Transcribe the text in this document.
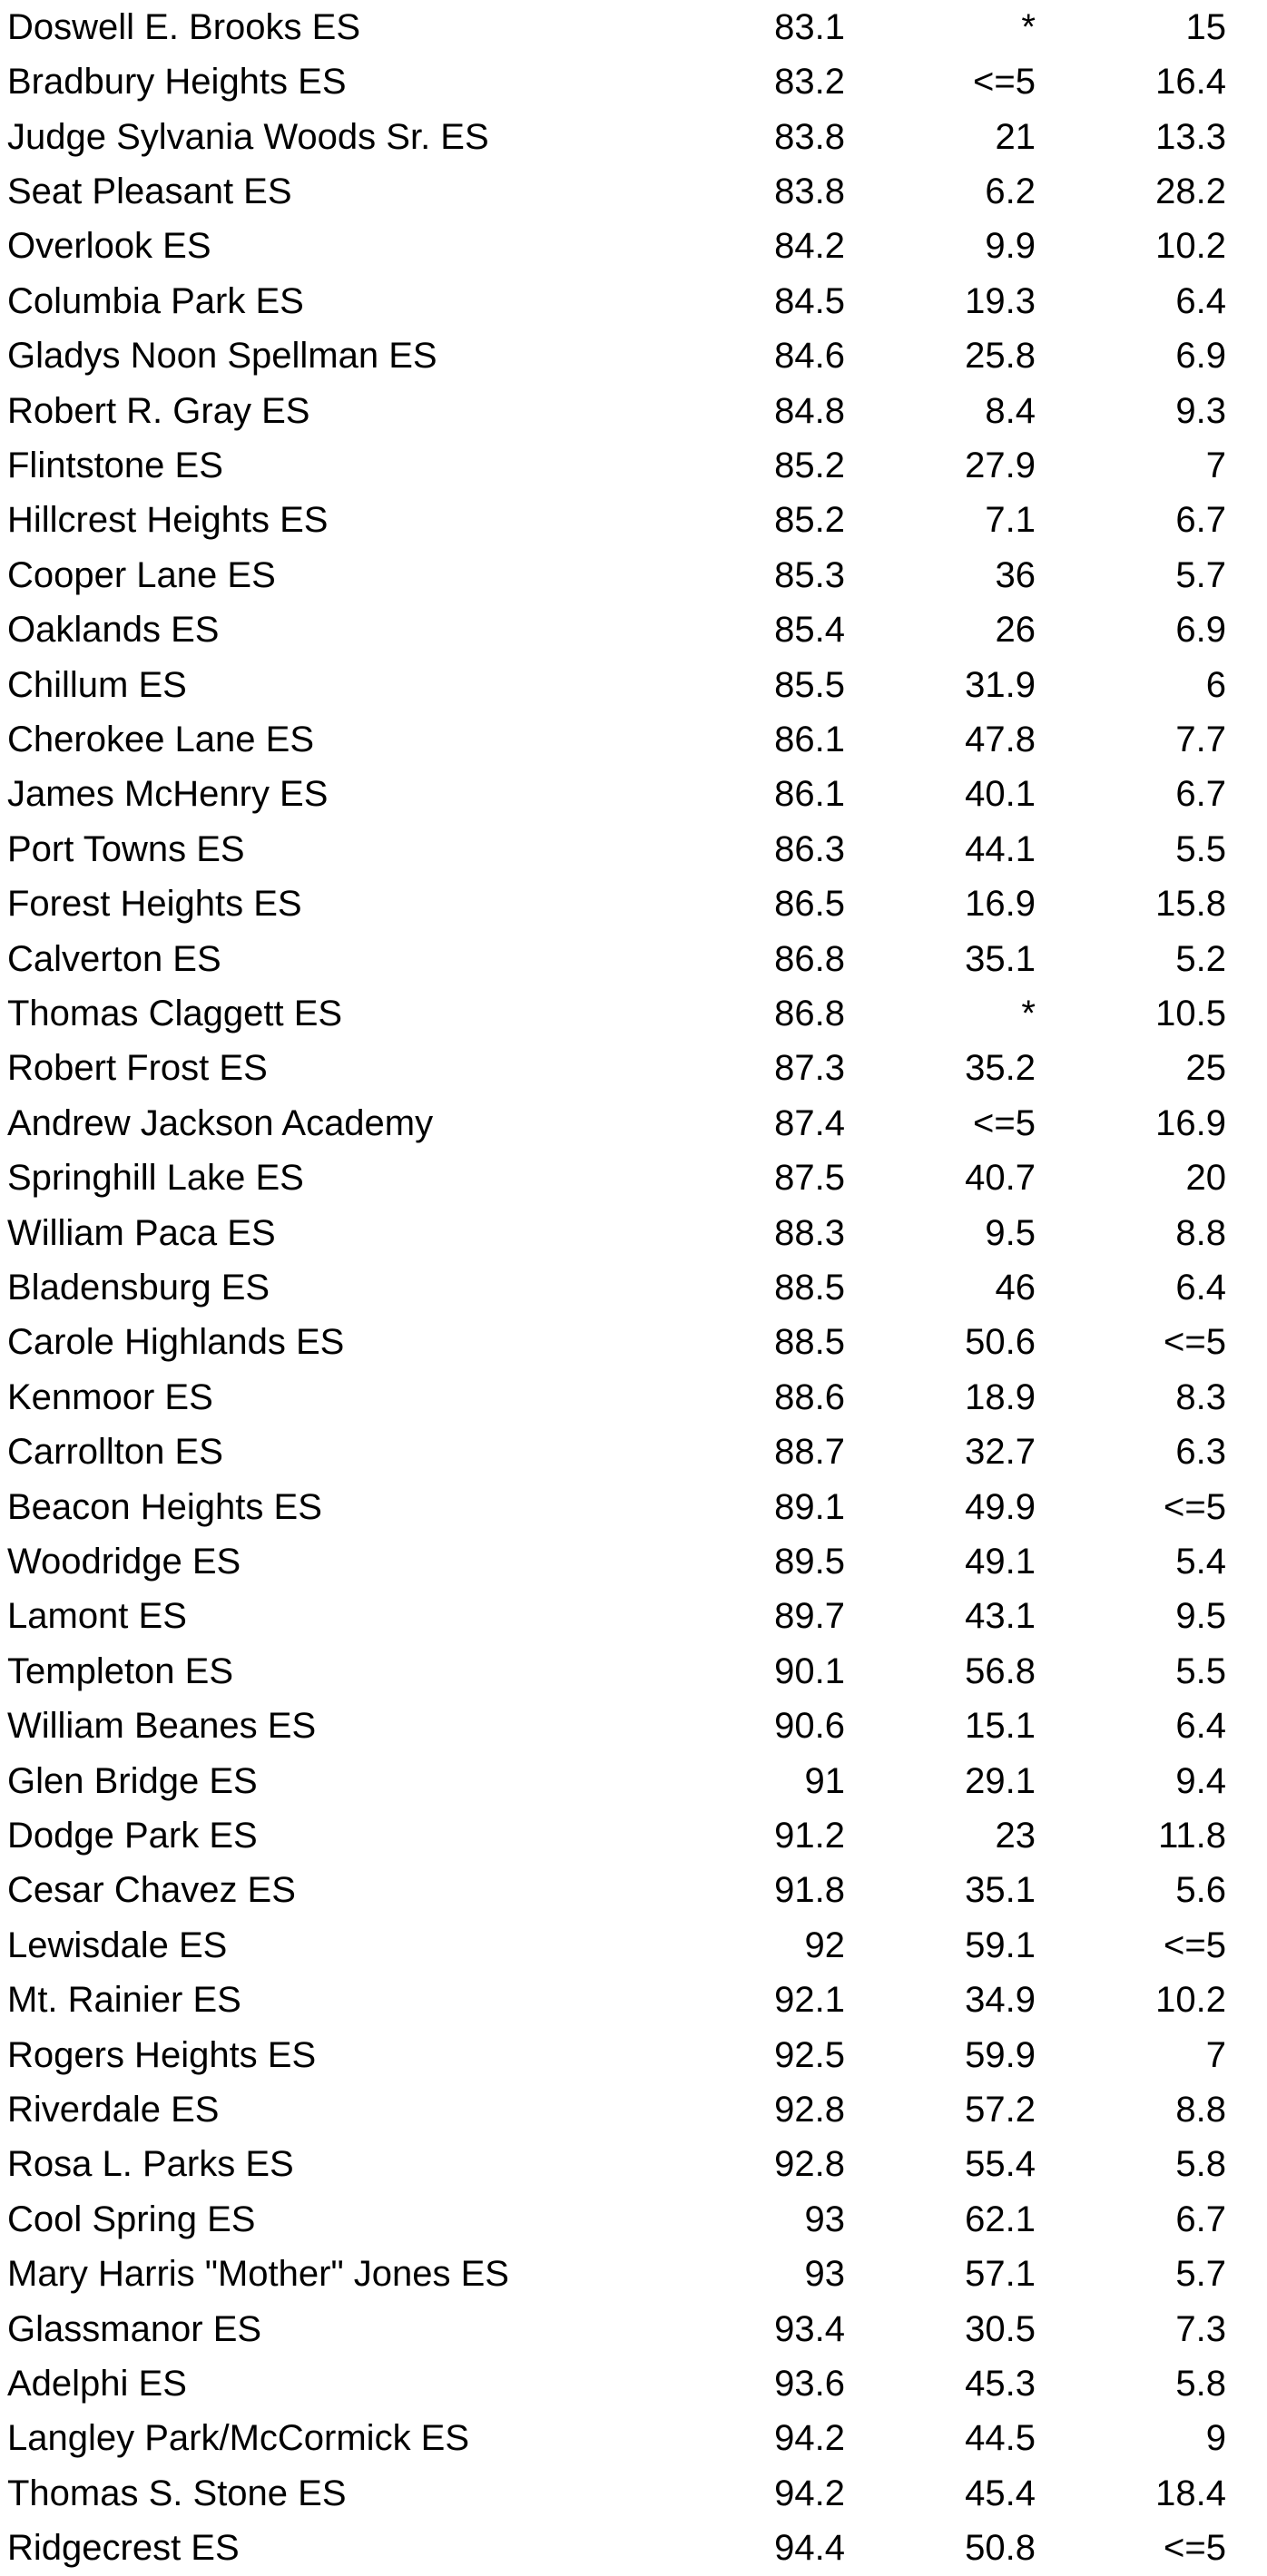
Doswell E. Brooks ES	83.1	*	15
Bradbury Heights ES	83.2	<=5	16.4
Judge Sylvania Woods Sr. ES	83.8	21	13.3
Seat Pleasant ES	83.8	6.2	28.2
Overlook ES	84.2	9.9	10.2
Columbia Park ES	84.5	19.3	6.4
Gladys Noon Spellman ES	84.6	25.8	6.9
Robert R. Gray ES	84.8	8.4	9.3
Flintstone ES	85.2	27.9	7
Hillcrest Heights ES	85.2	7.1	6.7
Cooper Lane ES	85.3	36	5.7
Oaklands ES	85.4	26	6.9
Chillum ES	85.5	31.9	6
Cherokee Lane ES	86.1	47.8	7.7
James McHenry ES	86.1	40.1	6.7
Port Towns ES	86.3	44.1	5.5
Forest Heights ES	86.5	16.9	15.8
Calverton ES	86.8	35.1	5.2
Thomas Claggett ES	86.8	*	10.5
Robert Frost ES	87.3	35.2	25
Andrew Jackson Academy	87.4	<=5	16.9
Springhill Lake ES	87.5	40.7	20
William Paca ES	88.3	9.5	8.8
Bladensburg ES	88.5	46	6.4
Carole Highlands ES	88.5	50.6	<=5
Kenmoor ES	88.6	18.9	8.3
Carrollton ES	88.7	32.7	6.3
Beacon Heights ES	89.1	49.9	<=5
Woodridge ES	89.5	49.1	5.4
Lamont ES	89.7	43.1	9.5
Templeton ES	90.1	56.8	5.5
William Beanes ES	90.6	15.1	6.4
Glen Bridge ES	91	29.1	9.4
Dodge Park ES	91.2	23	11.8
Cesar Chavez ES	91.8	35.1	5.6
Lewisdale ES	92	59.1	<=5
Mt. Rainier ES	92.1	34.9	10.2
Rogers Heights ES	92.5	59.9	7
Riverdale ES	92.8	57.2	8.8
Rosa L. Parks ES	92.8	55.4	5.8
Cool Spring ES	93	62.1	6.7
Mary Harris "Mother" Jones ES	93	57.1	5.7
Glassmanor ES	93.4	30.5	7.3
Adelphi ES	93.6	45.3	5.8
Langley Park/McCormick ES	94.2	44.5	9
Thomas S. Stone ES	94.2	45.4	18.4
Ridgecrest ES	94.4	50.8	<=5
